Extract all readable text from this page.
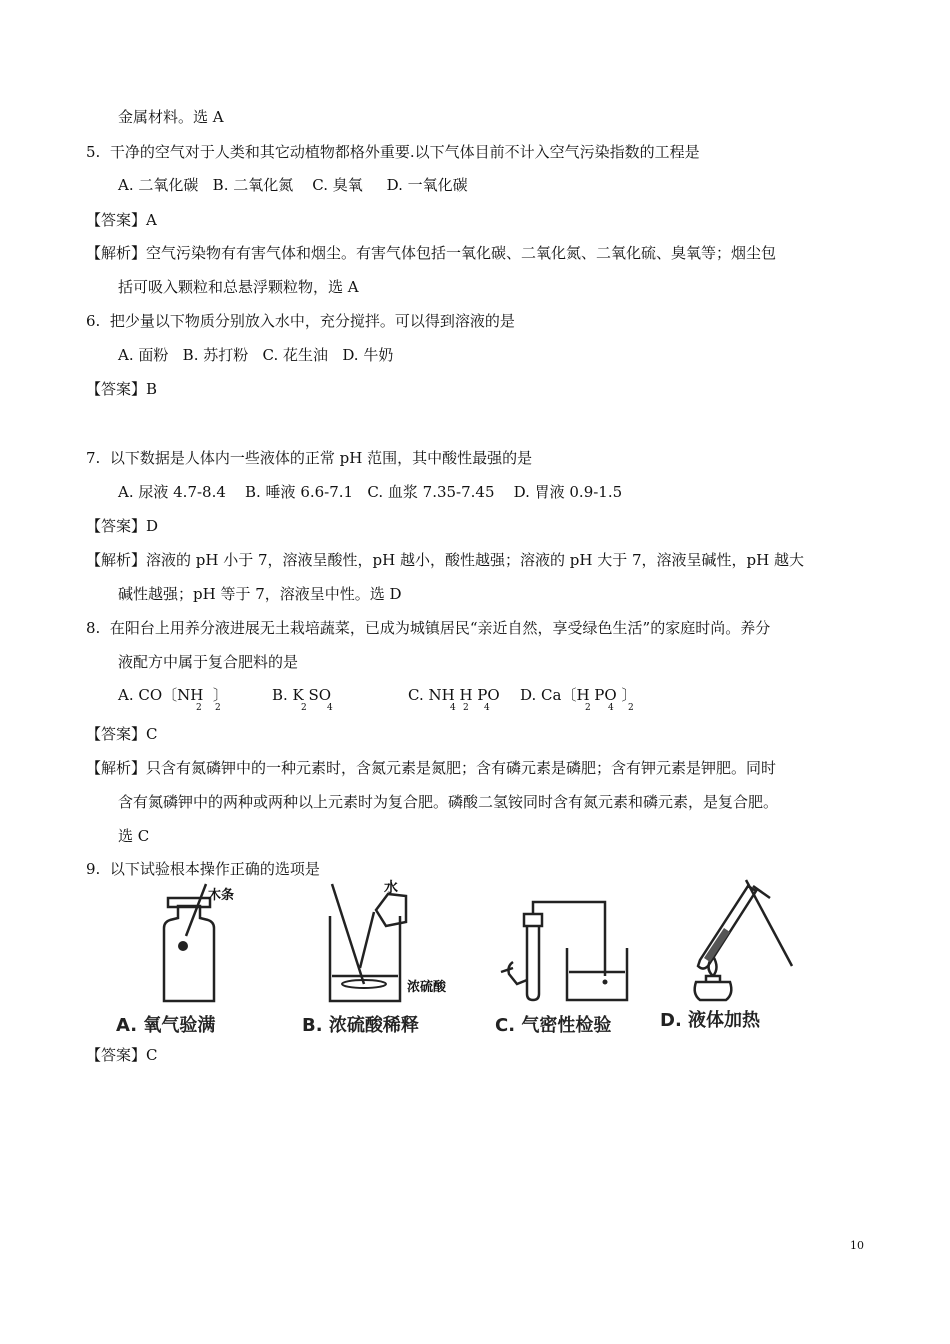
金属材料。选 A
5.  干净的空气对于人类和其它动植物都格外重要.以下气体目前不计入空气污染指数的工程是
A. 二氧化碳   B. 二氧化氮    C. 臭氧     D. 一氧化碳
【答案】A
【解析】空气污染物有有害气体和烟尘。有害气体包括一氧化碳、二氧化氮、二氧化硫、臭氧等；烟尘包
括可吸入颗粒和总悬浮颗粒物，选 A
6.  把少量以下物质分别放入水中，充分搅拌。可以得到溶液的是
A. 面粉   B. 苏打粉   C. 花生油   D. 牛奶
【答案】B
7.  以下数据是人体内一些液体的正常 pH 范围，其中酸性最强的是
A. 尿液 4.7-8.4    B. 唾液 6.6-7.1   C. 血浆 7.35-7.45    D. 胃液 0.9-1.5
【答案】D
【解析】溶液的 pH 小于 7，溶液呈酸性，pH 越小，酸性越强；溶液的 pH 大于 7，溶液呈碱性，pH 越大
碱性越强；pH 等于 7，溶液呈中性。选 D
8.  在阳台上用养分液进展无土栽培蔬菜，已成为城镇居民“亲近自然，享受绿色生活”的家庭时尚。养分
液配方中属于复合肥料的是
A. CO〔NH  〕
2 2
B. K SO
2 4
C. NH H PO
4 2 4
D. Ca〔H PO 〕
2 4 2
【答案】C
【解析】只含有氮磷钾中的一种元素时，含氮元素是氮肥；含有磷元素是磷肥；含有钾元素是钾肥。同时
含有氮磷钾中的两种或两种以上元素时为复合肥。磷酸二氢铵同时含有氮元素和磷元素，是复合肥。
选 C
9.  以下试验根本操作正确的选项是
木条
A. 氧气验满
水
浓硫酸
B. 浓硫酸稀释	C. 气密性检验	D. 液体加热
【答案】C
10
